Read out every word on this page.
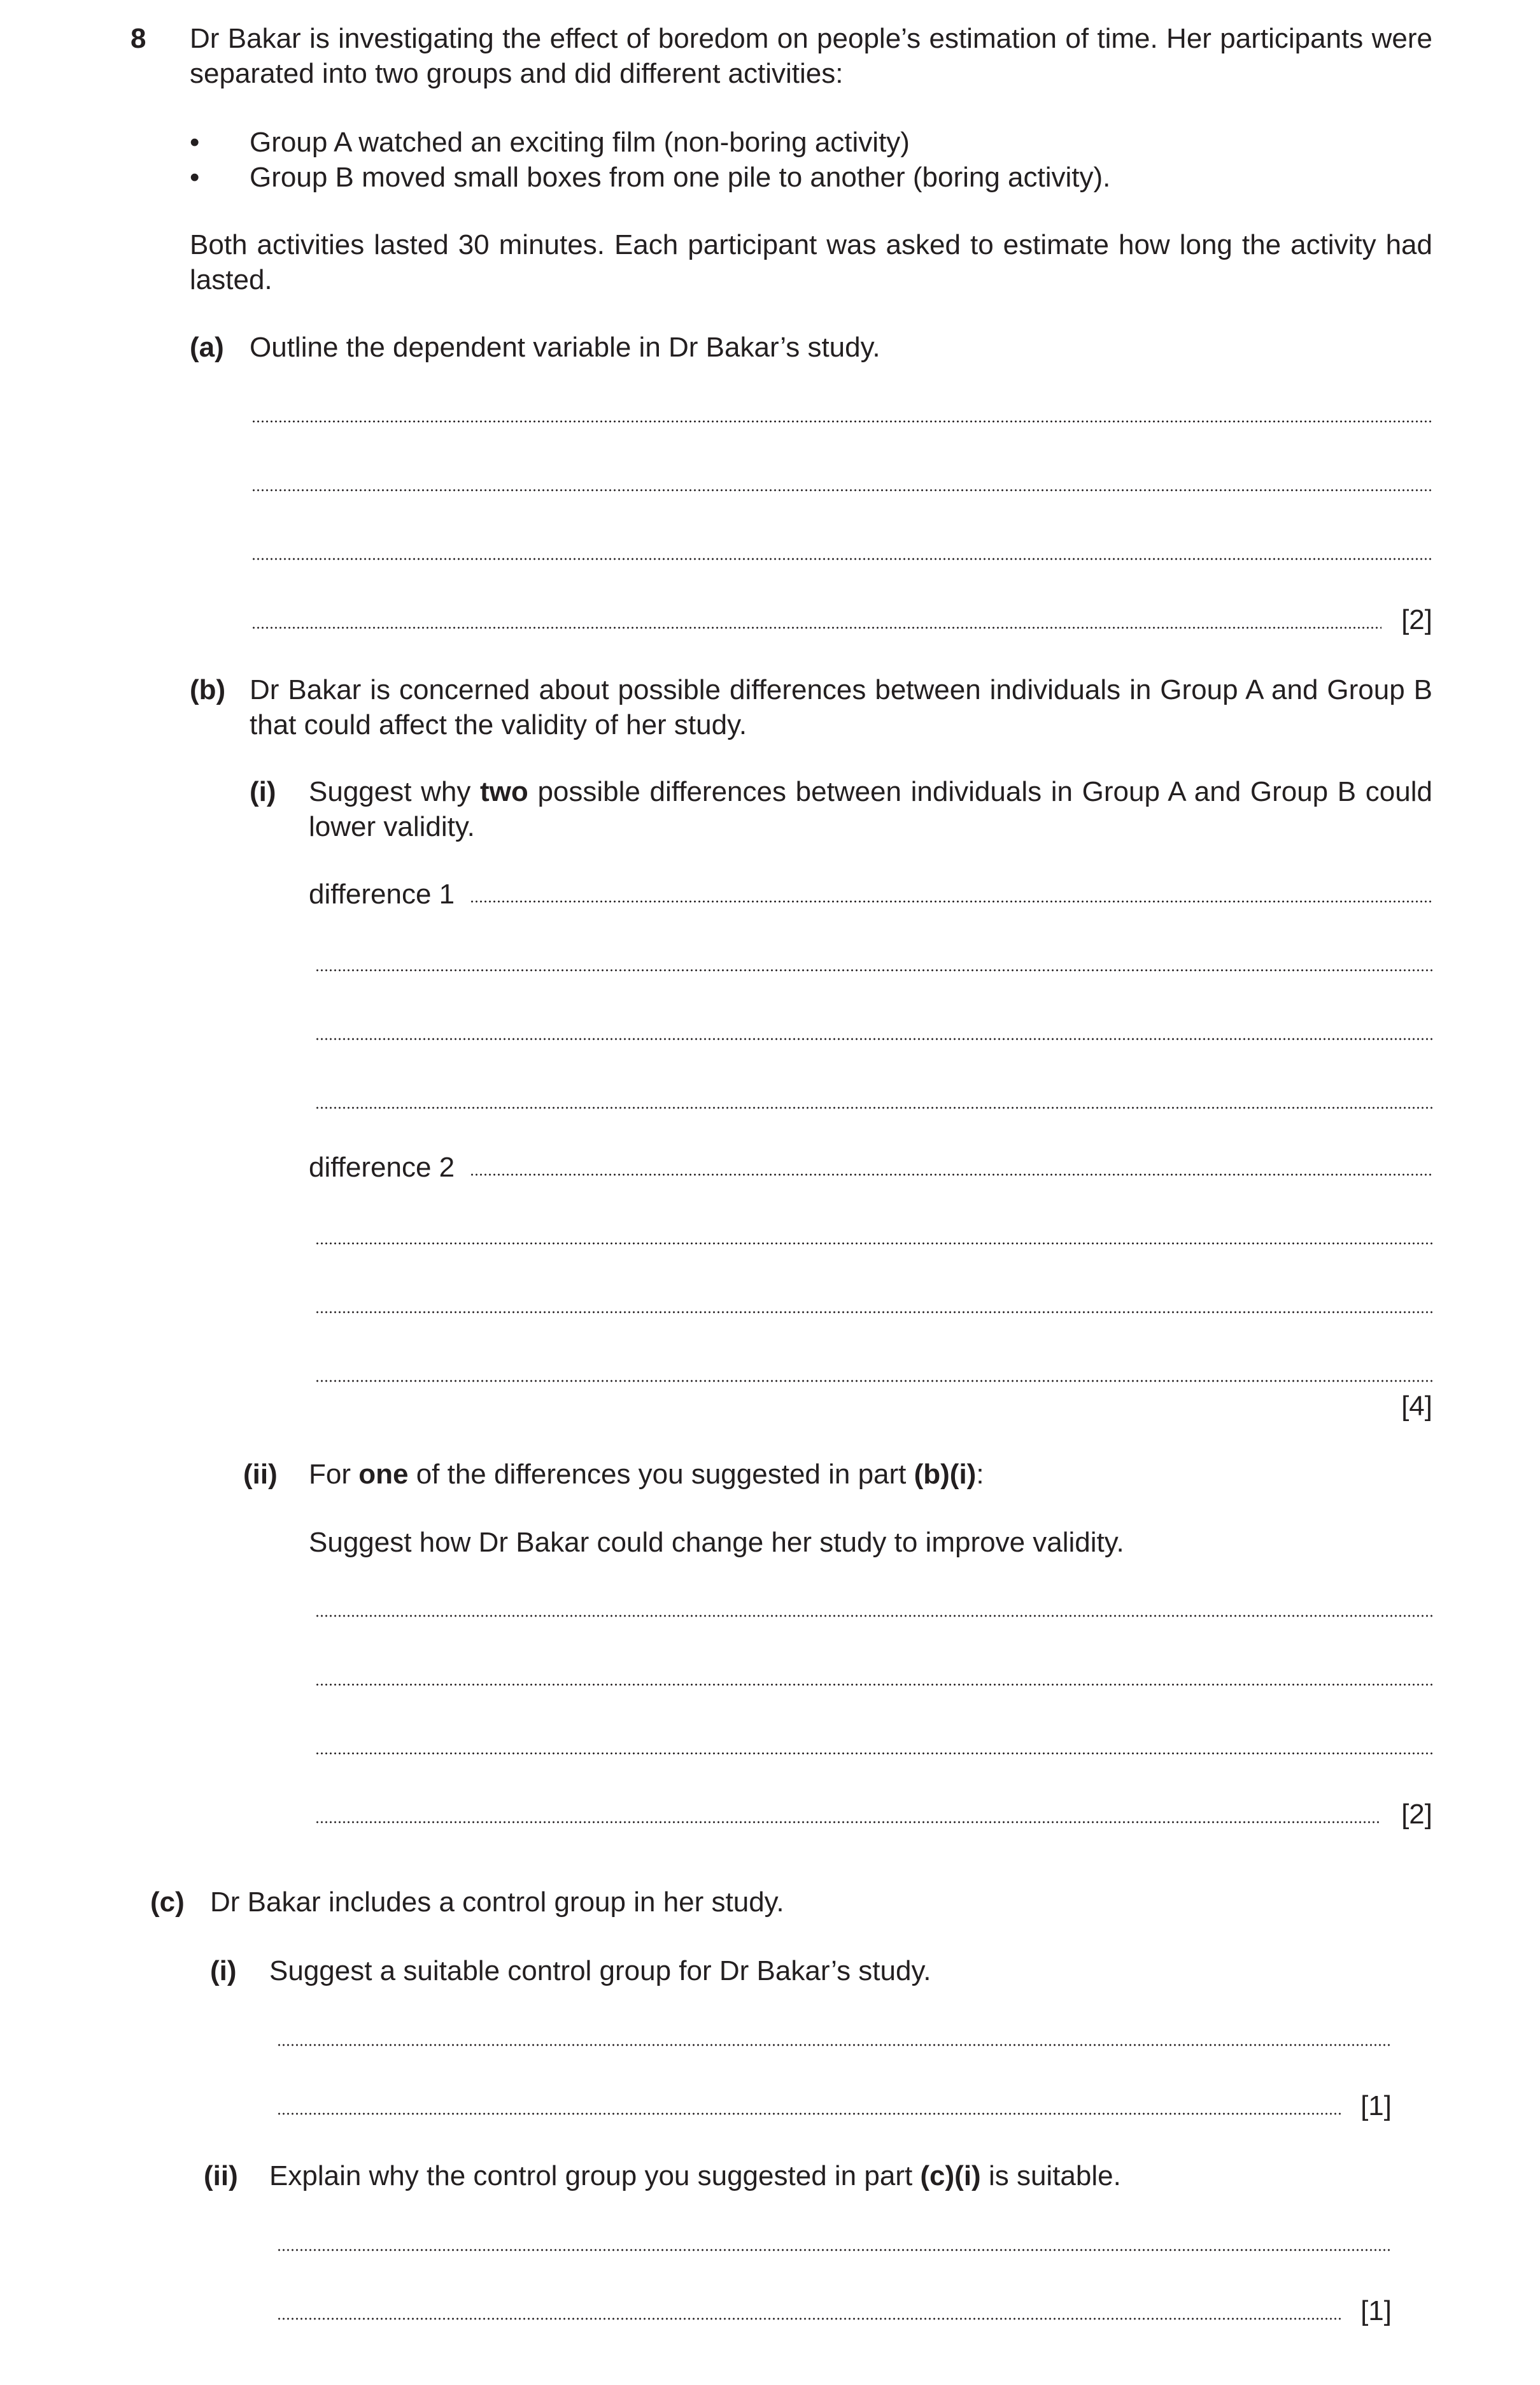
8 Dr Bakar is investigating the effect of boredom on people’s estimation of time. Her participants were separated into two groups and did different activities:
• Group A watched an exciting film (non-boring activity)
• Group B moved small boxes from one pile to another (boring activity).
Both activities lasted 30 minutes. Each participant was asked to estimate how long the activity had lasted.
(a) Outline the dependent variable in Dr Bakar’s study.
[2]
(b) Dr Bakar is concerned about possible differences between individuals in Group A and Group B that could affect the validity of her study.
(i) Suggest why two possible differences between individuals in Group A and Group B could lower validity.
difference 1
difference 2
[4]
(ii) For one of the differences you suggested in part (b)(i):
Suggest how Dr Bakar could change her study to improve validity.
[2]
(c) Dr Bakar includes a control group in her study.
(i) Suggest a suitable control group for Dr Bakar’s study.
[1]
(ii) Explain why the control group you suggested in part (c)(i) is suitable.
[1]
